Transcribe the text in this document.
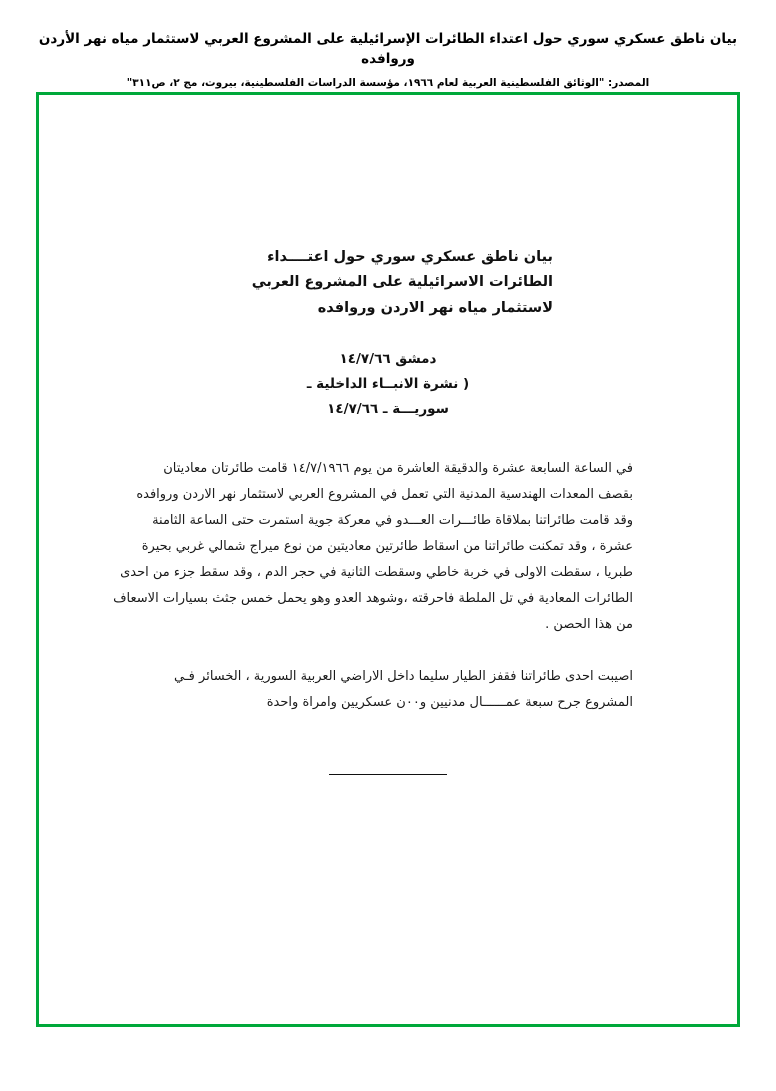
بيان ناطق عسكري سوري حول اعتداء الطائرات الإسرائيلية على المشروع العربي لاستثمار مياه نهر الأردن وروافده
المصدر: "الوثائق الفلسطينية العربية لعام ١٩٦٦، مؤسسة الدراسات الفلسطينية، بيروت، مج ٢، ص٣١١"
بيان ناطق عسكري سوري حول اعتــــداء
الطائرات الاسرائيلية على المشروع العربي
لاستثمار مياه نهر الاردن وروافده
دمشق ١٤/٧/٦٦
( نشرة الانبــاء الداخلية ـ
سوريـــة ـ ١٤/٧/٦٦
في الساعة السابعة عشرة والدقيقة العاشرة من يوم ١٤/٧/١٩٦٦ قامت طائرتان معاديتان
بقصف المعدات الهندسية المدنية التي تعمل في المشروع العربي لاستثمار نهر الاردن وروافده
وقد قامت طائراتنا بملاقاة طائـــرات العـــدو في معركة جوية استمرت حتى الساعة الثامنة
عشرة ، وقد تمكنت طائراتنا من اسقاط طائرتين معاديتين من نوع ميراج شمالي غربي بحيرة
طبريا ، سقطت الاولى في خربة خاطي وسقطت الثانية في حجر الدم ، وقد سقط جزء من احدى
الطائرات المعادية في تل الملطة فاحرقته ،وشوهد العدو وهو يحمل خمس جثث بسيارات الاسعاف
من هذا الحصن .
اصيبت احدى طائراتنا فقفز الطيار سليما داخل الاراضي العربية السورية ، الخسائر فـي
المشروع جرح سبعة عمــــــال مدنيين و٠٠ن عسكريين وامراة واحدة
